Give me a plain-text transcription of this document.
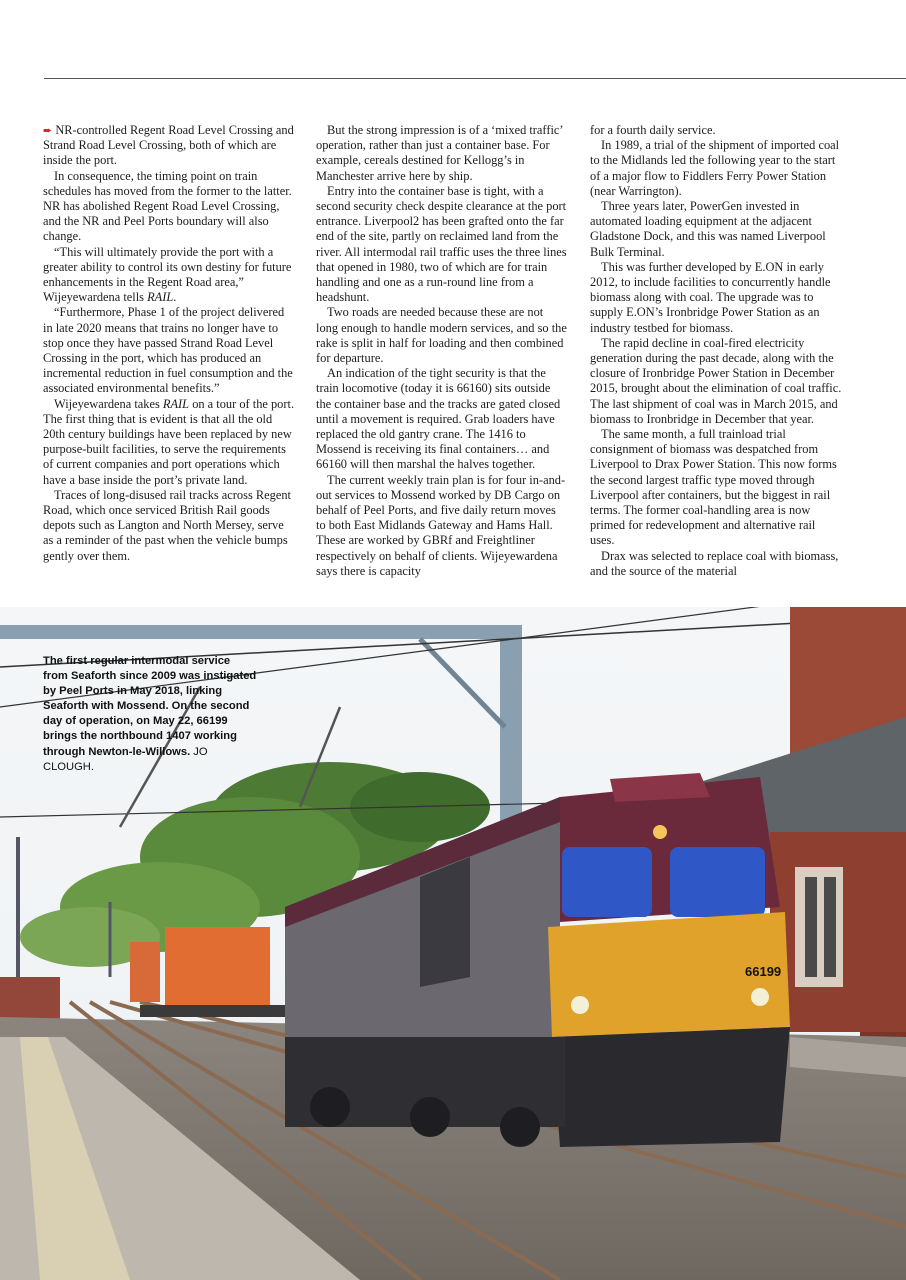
➨ NR-controlled Regent Road Level Crossing and Strand Road Level Crossing, both of which are inside the port.

In consequence, the timing point on train schedules has moved from the former to the latter. NR has abolished Regent Road Level Crossing, and the NR and Peel Ports boundary will also change.

“This will ultimately provide the port with a greater ability to control its own destiny for future enhancements in the Regent Road area,” Wijeyewardena tells RAIL.

“Furthermore, Phase 1 of the project delivered in late 2020 means that trains no longer have to stop once they have passed Strand Road Level Crossing in the port, which has produced an incremental reduction in fuel consumption and the associated environmental benefits.”

Wijeyewardena takes RAIL on a tour of the port. The first thing that is evident is that all the old 20th century buildings have been replaced by new purpose-built facilities, to serve the requirements of current companies and port operations which have a base inside the port’s private land.

Traces of long-disused rail tracks across Regent Road, which once serviced British Rail goods depots such as Langton and North Mersey, serve as a reminder of the past when the vehicle bumps gently over them.

But the strong impression is of a ‘mixed traffic’ operation, rather than just a container base. For example, cereals destined for Kellogg’s in Manchester arrive here by ship.

Entry into the container base is tight, with a second security check despite clearance at the port entrance. Liverpool2 has been grafted onto the far end of the site, partly on reclaimed land from the river. All intermodal rail traffic uses the three lines that opened in 1980, two of which are for train handling and one as a run-round line from a headshunt.

Two roads are needed because these are not long enough to handle modern services, and so the rake is split in half for loading and then combined for departure.

An indication of the tight security is that the train locomotive (today it is 66160) sits outside the container base and the tracks are gated closed until a movement is required. Grab loaders have replaced the old gantry crane. The 1416 to Mossend is receiving its final containers… and 66160 will then marshal the halves together.

The current weekly train plan is for four in-and-out services to Mossend worked by DB Cargo on behalf of Peel Ports, and five daily return moves to both East Midlands Gateway and Hams Hall. These are worked by GBRf and Freightliner respectively on behalf of clients. Wijeyewardena says there is capacity

for a fourth daily service.

In 1989, a trial of the shipment of imported coal to the Midlands led the following year to the start of a major flow to Fiddlers Ferry Power Station (near Warrington).

Three years later, PowerGen invested in automated loading equipment at the adjacent Gladstone Dock, and this was named Liverpool Bulk Terminal.

This was further developed by E.ON in early 2012, to include facilities to concurrently handle biomass along with coal. The upgrade was to supply E.ON’s Ironbridge Power Station as an industry testbed for biomass.

The rapid decline in coal-fired electricity generation during the past decade, along with the closure of Ironbridge Power Station in December 2015, brought about the elimination of coal traffic. The last shipment of coal was in March 2015, and biomass to Ironbridge in December that year.

The same month, a full trainload trial consignment of biomass was despatched from Liverpool to Drax Power Station. This now forms the second largest traffic type moved through Liverpool after containers, but the biggest in rail terms. The former coal-handling area is now primed for redevelopment and alternative rail uses.

Drax was selected to replace coal with biomass, and the source of the material

66199
The first regular intermodal service from Seaforth since 2009 was instigated by Peel Ports in May 2018, linking Seaforth with Mossend. On the second day of operation, on May 22, 66199 brings the northbound 1407 working through Newton-le-Willows. JO CLOUGH.
